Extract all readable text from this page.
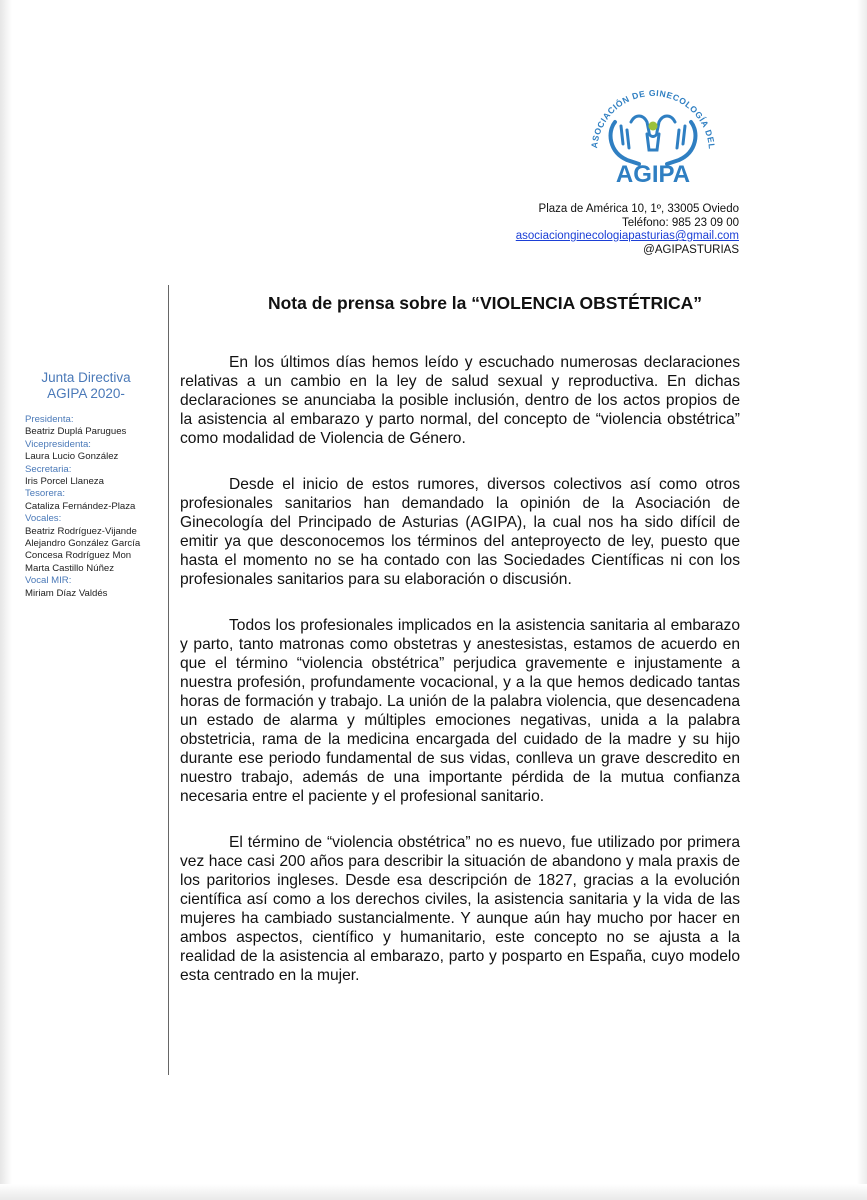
ASOCIACIÓN DE GINECOLOGÍA DEL
AGIPA
Plaza de América 10, 1º, 33005 Oviedo
Teléfono: 985 23 09 00
asociacionginecologiapasturias@gmail.com
@AGIPASTURIAS
Junta Directiva
AGIPA 2020-
Presidenta:
Beatriz Duplá Parugues
Vicepresidenta:
Laura Lucio González
Secretaria:
Iris Porcel Llaneza
Tesorera:
Cataliza Fernández-Plaza
Vocales:
Beatriz Rodríguez-Vijande
Alejandro González García
Concesa Rodríguez Mon
Marta Castillo Núñez
Vocal MIR:
Miriam Díaz Valdés
Nota de prensa sobre la “VIOLENCIA OBSTÉTRICA”

En los últimos días hemos leído y escuchado numerosas declaraciones relativas a un cambio en la ley de salud sexual y reproductiva. En dichas declaraciones se anunciaba la posible inclusión, dentro de los actos propios de la asistencia al embarazo y parto normal, del concepto de “violencia obstétrica” como modalidad de Violencia de Género.

Desde el inicio de estos rumores, diversos colectivos así como otros profesionales sanitarios han demandado la opinión de la Asociación de Ginecología del Principado de Asturias (AGIPA), la cual nos ha sido difícil de emitir ya que desconocemos los términos del anteproyecto de ley, puesto que hasta el momento no se ha contado con las Sociedades Científicas ni con los profesionales sanitarios para su elaboración o discusión.

Todos los profesionales implicados en la asistencia sanitaria al embarazo y parto, tanto matronas como obstetras y anestesistas, estamos de acuerdo en que el término “violencia obstétrica” perjudica gravemente e injustamente a nuestra profesión, profundamente vocacional, y a la que hemos dedicado tantas horas de formación y trabajo. La unión de la palabra violencia, que desencadena un estado de alarma y múltiples emociones negativas, unida a la palabra obstetricia, rama de la medicina encargada del cuidado de la madre y su hijo durante ese periodo fundamental de sus vidas, conlleva un grave descredito en nuestro trabajo, además de una importante pérdida de la mutua confianza necesaria entre el paciente y el profesional sanitario.

El término de “violencia obstétrica” no es nuevo, fue utilizado por primera vez hace casi 200 años para describir la situación de abandono y mala praxis de los paritorios ingleses. Desde esa descripción de 1827, gracias a la evolución científica así como a los derechos civiles, la asistencia sanitaria y la vida de las mujeres ha cambiado sustancialmente. Y aunque aún hay mucho por hacer en ambos aspectos, científico y humanitario, este concepto no se ajusta a la realidad de la asistencia al embarazo, parto y posparto en España, cuyo modelo esta centrado en la mujer.
